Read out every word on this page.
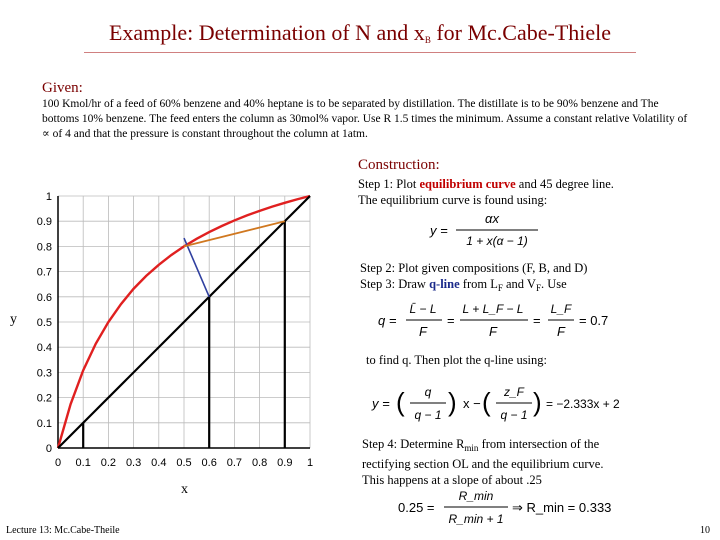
Example: Determination of N and $x_B$ for Mc.Cabe-Thiele
Given:
100 Kmol/hr of a feed of 60% benzene and 40% heptane is to be separated by distillation. The distillate is to be 90% benzene and The bottoms 10% benzene. The feed enters the column as 30mol% vapor. Use R 1.5 times the minimum. Assume a constant relative Volatility of ∝ of 4 and that the pressure is constant throughout the column at 1atm.
Construction:
Step 1: Plot equilibrium curve and 45 degree line.
The equilibrium curve is found using:
y =
αx
1 + x(α − 1)
Step 2: Plot given compositions (F, B, and D)
Step 3: Draw q-line from $L_F$ and $V_F$. Use
q =
L̄ − L
F
=
L + L_F − L
F
=
L_F
F
= 0.7
to find q. Then plot the q-line using:
y = ( q
q − 1 ) x − ( z_F
q − 1 ) = −2.333x + 2
Step 4: Determine $R_{min}$ from intersection of the
rectifying section OL and the equilibrium curve.
This happens at a slope of about .25
0.25 =
R_min
R_min + 1
⇒ R_min = 0.333
y
x
0
0
0.1
0.1
0.2
0.2
0.3
0.3
0.4
0.4
0.5
0.5
0.6
0.6
0.7
0.7
0.8
0.8
0.9
0.9
1
1
Lecture 13: Mc.Cabe-Theile	10
